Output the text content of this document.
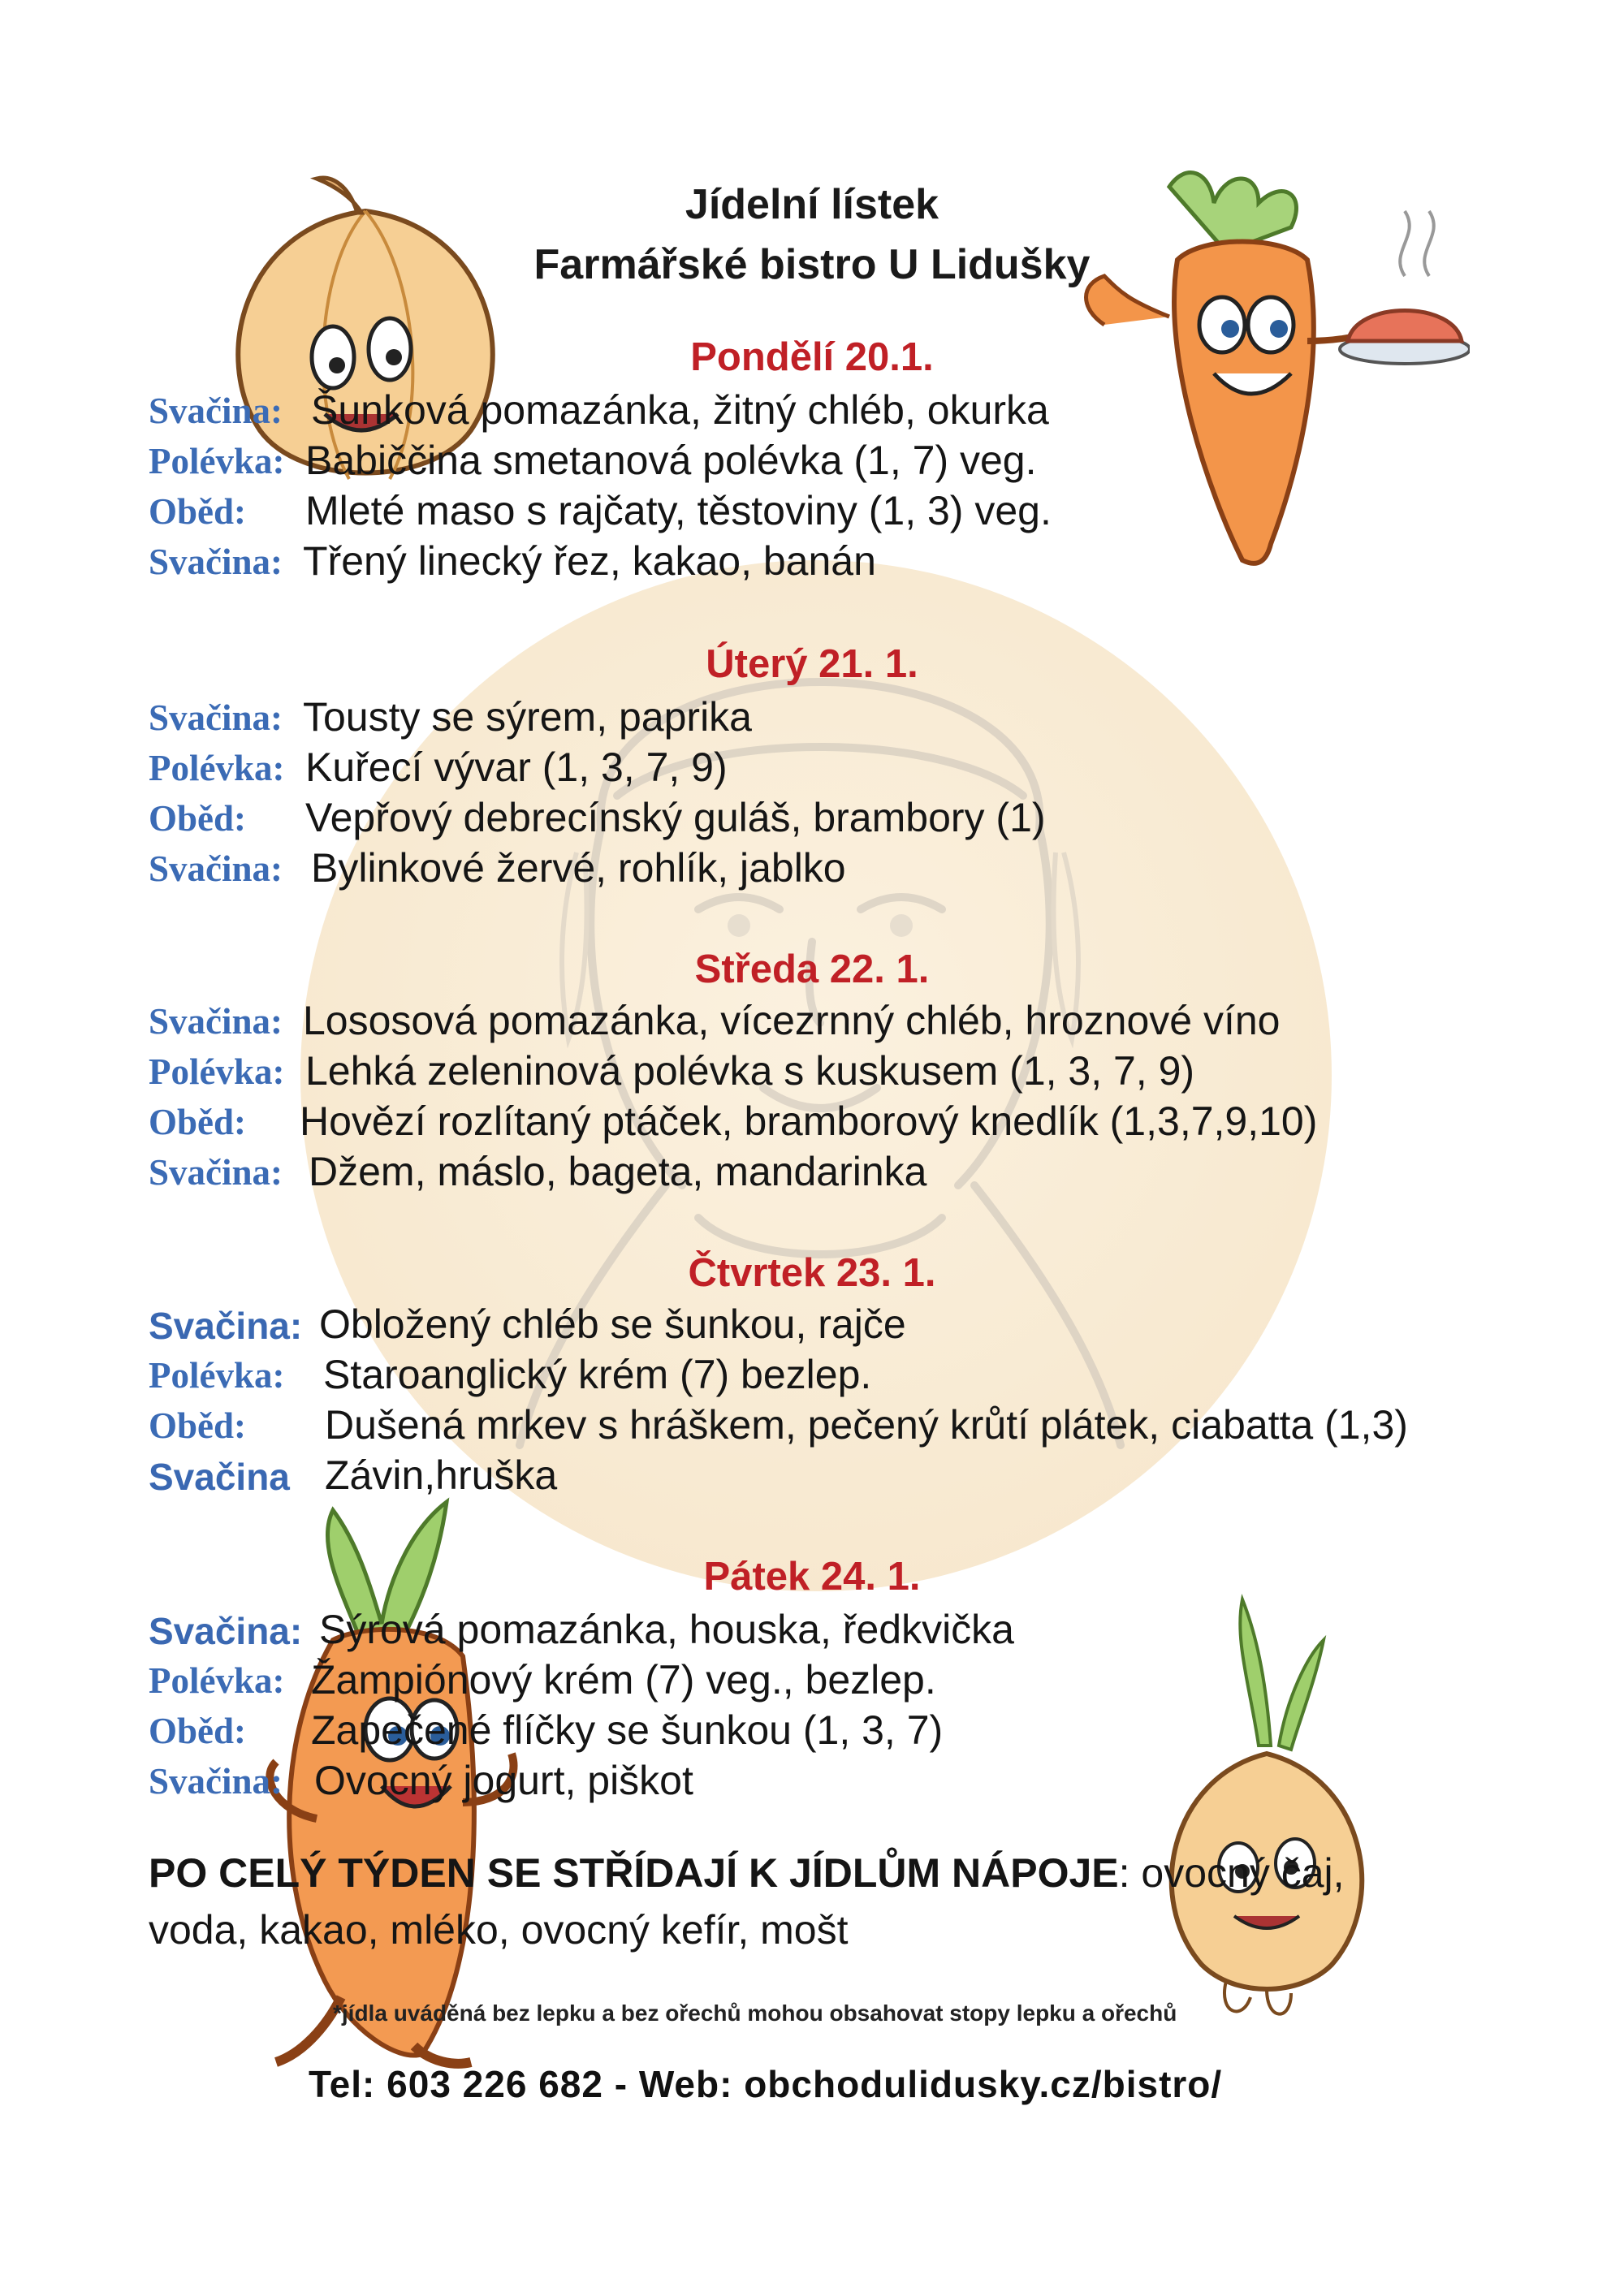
Jídelní lístek
Farmářské bistro U Lidušky
Pondělí 20.1.
Svačina: Šunková pomazánka, žitný chléb, okurka
Polévka: Babiččina smetanová polévka (1, 7) veg.
Oběd: Mleté maso s rajčaty, těstoviny (1, 3) veg.
Svačina: Třený linecký řez, kakao, banán
Úterý 21. 1.
Svačina: Tousty se sýrem, paprika
Polévka: Kuřecí vývar (1, 3, 7, 9)
Oběd: Vepřový debrecínský guláš, brambory (1)
Svačina: Bylinkové žervé, rohlík, jablko
Středa 22. 1.
Svačina: Lososová pomazánka, vícezrnný chléb, hroznové víno
Polévka: Lehká zeleninová polévka s kuskusem (1, 3, 7, 9)
Oběd: Hovězí rozlítaný ptáček, bramborový knedlík (1,3,7,9,10)
Svačina: Džem, máslo, bageta, mandarinka
Čtvrtek 23. 1.
Svačina: Obložený chléb se šunkou, rajče
Polévka: Staroanglický krém (7) bezlep.
Oběd: Dušená mrkev s hráškem, pečený krůtí plátek, ciabatta (1,3)
Svačina Závin,hruška
Pátek 24. 1.
Svačina: Sýrová pomazánka, houska, ředkvička
Polévka: Žampiónový krém (7) veg., bezlep.
Oběd: Zapečené flíčky se šunkou (1, 3, 7)
Svačina: Ovocný jogurt, piškot
PO CELÝ TÝDEN SE STŘÍDAJÍ K JÍDLŮM NÁPOJE: ovocný čaj,
voda, kakao, mléko, ovocný kefír, mošt
*jídla uváděná bez lepku a bez ořechů mohou obsahovat stopy lepku a ořechů
Tel: 603 226 682 - Web: obchodulidusky.cz/bistro/
